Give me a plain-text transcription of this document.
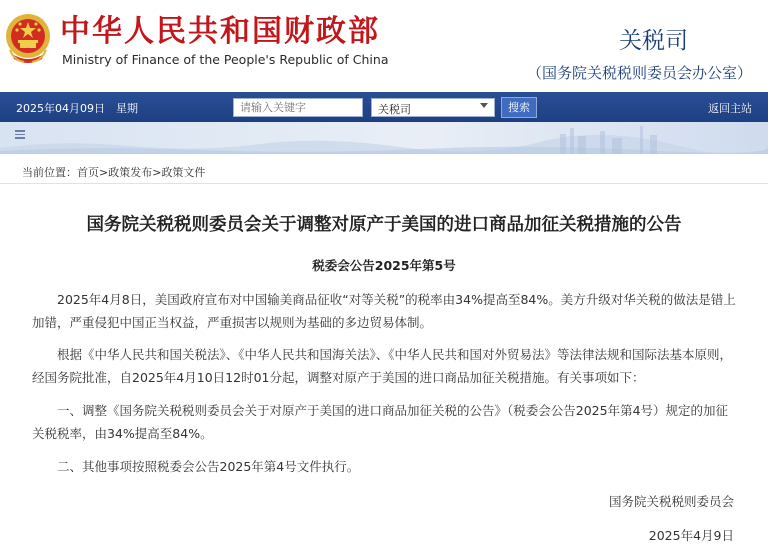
中华人民共和国财政部
Ministry of Finance of the People's Republic of China
关税司
（国务院关税税则委员会办公室）
2025年04月09日　星期
请输入关键字	关税司	搜索	返回主站
当前位置：首页>政策发布>政策文件
国务院关税税则委员会关于调整对原产于美国的进口商品加征关税措施的公告
税委会公告2025年第5号

2025年4月8日，美国政府宣布对中国输美商品征收“对等关税”的税率由34%提高至84%。美方升级对华关税的做法是错上加错，严重侵犯中国正当权益，严重损害以规则为基础的多边贸易体制。

根据《中华人民共和国关税法》、《中华人民共和国海关法》、《中华人民共和国对外贸易法》等法律法规和国际法基本原则，经国务院批准，自2025年4月10日12时01分起，调整对原产于美国的进口商品加征关税措施。有关事项如下：

一、调整《国务院关税税则委员会关于对原产于美国的进口商品加征关税的公告》（税委会公告2025年第4号）规定的加征关税税率，由34%提高至84%。

二、其他事项按照税委会公告2025年第4号文件执行。

国务院关税税则委员会
2025年4月9日
